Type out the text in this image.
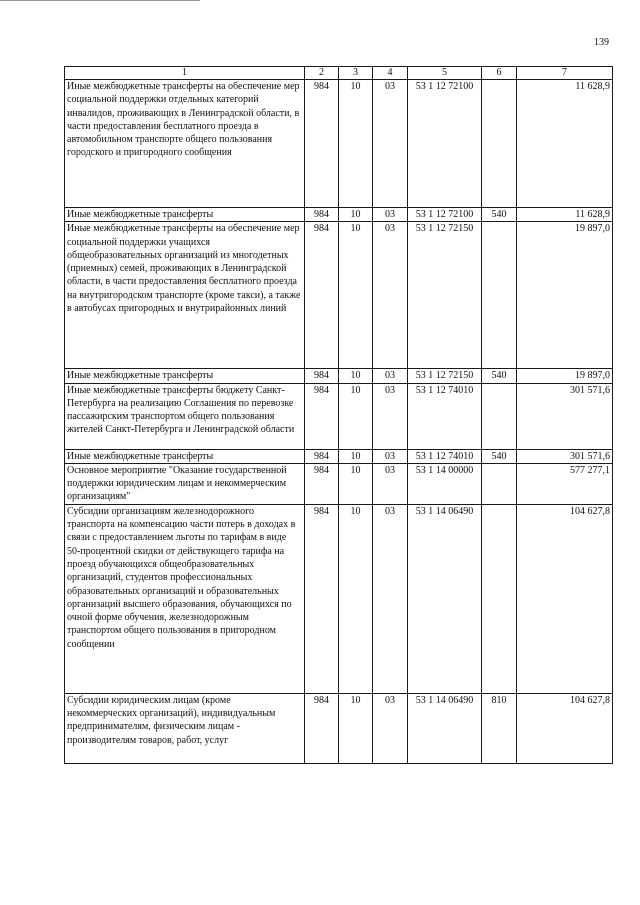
139
1	2	3	4	5	6	7
Иные межбюджетные трансферты на обеспечение мер социальной поддержки отдельных категорий инвалидов, проживающих в Ленинградской области, в части предоставления бесплатного проезда в автомобильном транспорте общего пользования городского и пригородного сообщения	984	10	03	53 1 12 72100		11 628,9
Иные межбюджетные трансферты	984	10	03	53 1 12 72100	540	11 628,9
Иные межбюджетные трансферты на обеспечение мер социальной поддержки учащихся общеобразовательных организаций из многодетных (приемных) семей, проживающих в Ленинградской области, в части предоставления бесплатного проезда на внутригородском транспорте (кроме такси), а также в автобусах пригородных и внутрирайонных линий	984	10	03	53 1 12 72150		19 897,0
Иные межбюджетные трансферты	984	10	03	53 1 12 72150	540	19 897,0
Иные межбюджетные трансферты бюджету Санкт-Петербурга на реализацию Соглашения по перевозке пассажирским транспортом общего пользования жителей Санкт-Петербурга и Ленинградской области	984	10	03	53 1 12 74010		301 571,6
Иные межбюджетные трансферты	984	10	03	53 1 12 74010	540	301 571,6
Основное мероприятие "Оказание государственной поддержки юридическим лицам и некоммерческим организациям"	984	10	03	53 1 14 00000		577 277,1
Субсидии организациям железнодорожного транспорта на компенсацию части потерь в доходах в связи с предоставлением льготы по тарифам в виде 50-процентной скидки от действующего тарифа на проезд обучающихся общеобразовательных организаций, студентов профессиональных образовательных организаций и образовательных организаций высшего образования, обучающихся по очной форме обучения, железнодорожным транспортом общего пользования в пригородном сообщении	984	10	03	53 1 14 06490		104 627,8
Субсидии юридическим лицам (кроме некоммерческих организаций), индивидуальным предпринимателям, физическим лицам - производителям товаров, работ, услуг	984	10	03	53 1 14 06490	810	104 627,8
